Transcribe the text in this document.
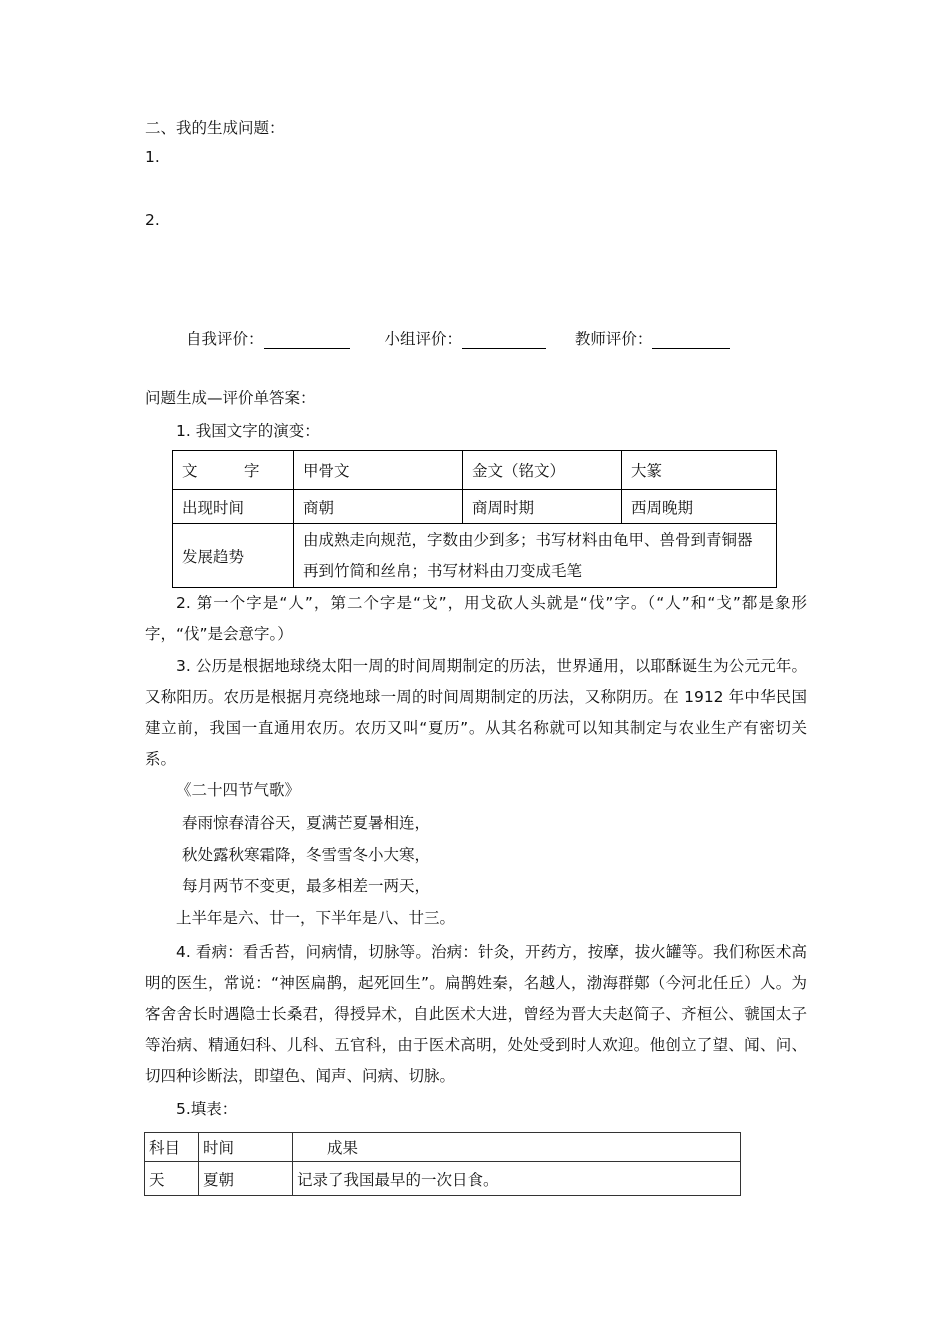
二、我的生成问题：
1.
2.
自我评价：	小组评价：	教师评价：
问题生成—评价单答案：
1. 我国文字的演变：
文　　　字	甲骨文	金文（铭文）	大篆
出现时间	商朝	商周时期	西周晚期
发展趋势	由成熟走向规范，字数由少到多；书写材料由龟甲、兽骨到青铜器再到竹简和丝帛；书写材料由刀变成毛笔		
2. 第一个字是“人”，第二个字是“戈”，用戈砍人头就是“伐”字。（“人”和“戈”都是象形字，“伐”是会意字。）
3. 公历是根据地球绕太阳一周的时间周期制定的历法，世界通用，以耶酥诞生为公元元年。又称阳历。农历是根据月亮绕地球一周的时间周期制定的历法，又称阴历。在 1912 年中华民国建立前，我国一直通用农历。农历又叫“夏历”。从其名称就可以知其制定与农业生产有密切关系。
《二十四节气歌》
春雨惊春清谷天，夏满芒夏暑相连，
秋处露秋寒霜降，冬雪雪冬小大寒，
每月两节不变更，最多相差一两天，
上半年是六、廿一，下半年是八、廿三。
4. 看病：看舌苔，问病情，切脉等。治病：针灸，开药方，按摩，拔火罐等。我们称医术高明的医生，常说：“神医扁鹊，起死回生”。扁鹊姓秦，名越人，渤海群鄚（今河北任丘）人。为客舍舍长时遇隐士长桑君，得授异术，自此医术大进，曾经为晋大夫赵简子、齐桓公、虢国太子等治病、精通妇科、儿科、五官科，由于医术高明，处处受到时人欢迎。他创立了望、闻、问、切四种诊断法，即望色、闻声、问病、切脉。
5.填表：
科目	时间	成果
天	夏朝	记录了我国最早的一次日食。
